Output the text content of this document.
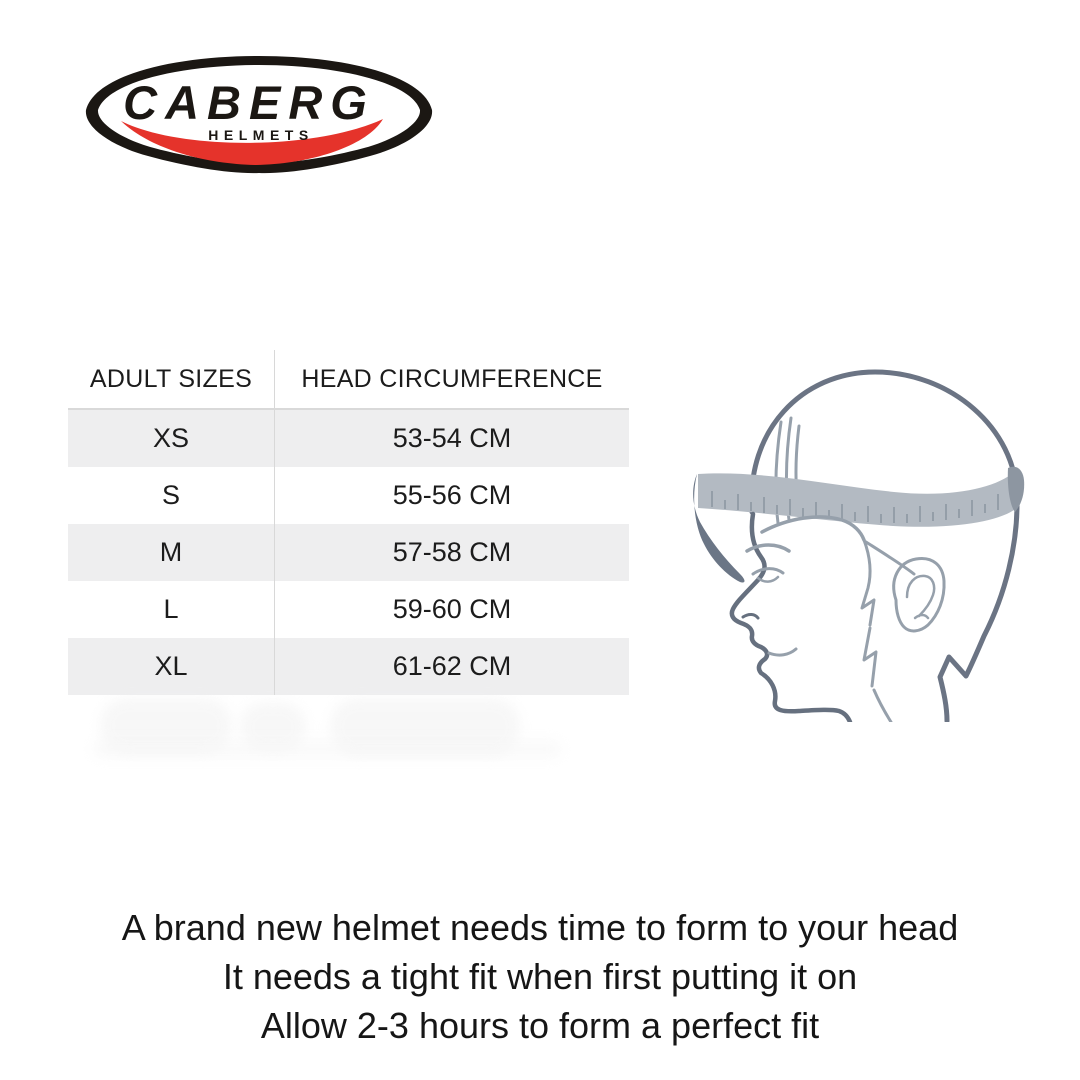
CABERG
HELMETS
ADULT SIZES	HEAD CIRCUMFERENCE
XS	53-54 CM
S	55-56 CM
M	57-58 CM
L	59-60 CM
XL	61-62 CM
A brand new helmet needs time to form to your head
It needs a tight fit when first putting it on
Allow 2-3 hours to form a perfect fit
